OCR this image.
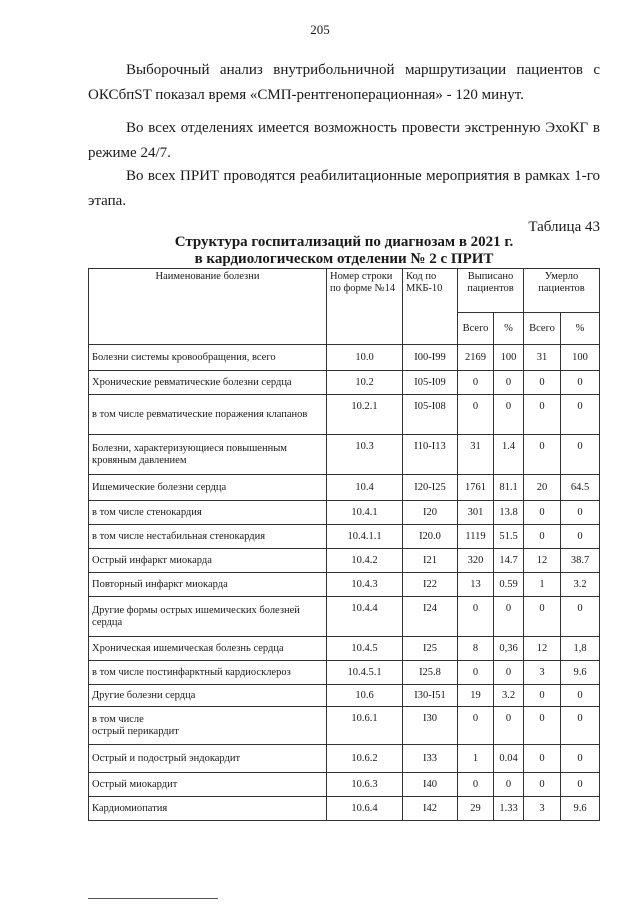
205

Выборочный анализ внутрибольничной маршрутизации пациентов с ОКСбпST показал время «СМП-рентгеноперационная» - 120 минут.

Во всех отделениях имеется возможность провести экстренную ЭхоКГ в режиме 24/7.

Во всех ПРИТ проводятся реабилитационные мероприятия в рамках 1-го этапа.

Таблица 43
Структура госпитализаций по диагнозам в 2021 г.
в кардиологическом отделении № 2 с ПРИТ
Наименование болезни	Номер строки по форме №14	Код по МКБ-10	Выписано пациентов		Умерло пациентов	
			Всего	%	Всего	%
Болезни системы кровообращения, всего	10.0	I00-I99	2169	100	31	100
Хронические ревматические болезни сердца	10.2	I05-I09	0	0	0	0
в том числе ревматические поражения клапанов	10.2.1	I05-I08	0	0	0	0
Болезни, характеризующиеся повышенным кровяным давлением	10.3	I10-I13	31	1.4	0	0
Ишемические болезни сердца	10.4	I20-I25	1761	81.1	20	64.5
в том числе стенокардия	10.4.1	I20	301	13.8	0	0
в том числе нестабильная стенокардия	10.4.1.1	I20.0	1119	51.5	0	0
Острый инфаркт миокарда	10.4.2	I21	320	14.7	12	38.7
Повторный инфаркт миокарда	10.4.3	I22	13	0.59	1	3.2
Другие формы острых ишемических болезней сердца	10.4.4	I24	0	0	0	0
Хроническая ишемическая болезнь сердца	10.4.5	I25	8	0,36	12	1,8
в том числе постинфарктный кардиосклероз	10.4.5.1	I25.8	0	0	3	9.6
Другие болезни сердца	10.6	I30-I51	19	3.2	0	0
в том числе
острый перикардит	10.6.1	I30	0	0	0	0
Острый и подострый эндокардит	10.6.2	I33	1	0.04	0	0
Острый миокардит	10.6.3	I40	0	0	0	0
Кардиомиопатия	10.6.4	I42	29	1.33	3	9.6
